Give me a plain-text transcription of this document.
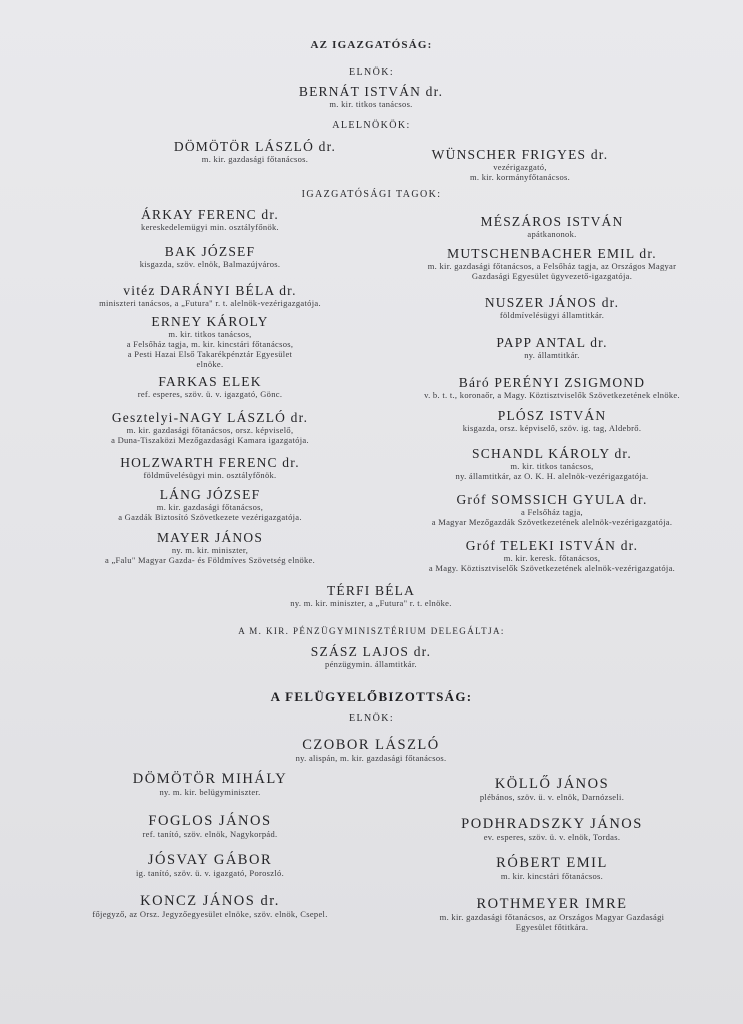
AZ IGAZGATÓSÁG:
ELNÖK:
BERNÁT ISTVÁN dr.
m. kir. titkos tanácsos.
ALELNÖKÖK:
DÖMÖTÖR LÁSZLÓ dr.
m. kir. gazdasági főtanácsos.	WÜNSCHER FRIGYES dr.
vezérigazgató,
m. kir. kormányfőtanácsos.
IGAZGATÓSÁGI TAGOK:
ÁRKAY FERENC dr.
kereskedelemügyi min. osztályfőnök.
BAK JÓZSEF
kisgazda, szöv. elnök, Balmazújváros.
vitéz DARÁNYI BÉLA dr.
miniszteri tanácsos, a „Futura" r. t. alelnök-vezérigazgatója.
ERNEY KÁROLY
m. kir. titkos tanácsos,
a Felsőház tagja, m. kir. kincstári főtanácsos,
a Pesti Hazai Első Takarékpénztár Egyesület
elnöke.
FARKAS ELEK
ref. esperes, szöv. ü. v. igazgató, Gönc.
Gesztelyi-NAGY LÁSZLÓ dr.
m. kir. gazdasági főtanácsos, orsz. képviselő,
a Duna-Tiszaközi Mezőgazdasági Kamara igazgatója.
HOLZWARTH FERENC dr.
földművelésügyi min. osztályfőnök.
LÁNG JÓZSEF
m. kir. gazdasági főtanácsos,
a Gazdák Biztosító Szövetkezete vezérigazgatója.
MAYER JÁNOS
ny. m. kir. miniszter,
a „Falu" Magyar Gazda- és Földmíves Szövetség elnöke.
MÉSZÁROS ISTVÁN
apátkanonok.
MUTSCHENBACHER EMIL dr.
m. kir. gazdasági főtanácsos, a Felsőház tagja, az Országos Magyar
Gazdasági Egyesület ügyvezető-igazgatója.
NUSZER JÁNOS dr.
földmívelésügyi államtitkár.
PAPP ANTAL dr.
ny. államtitkár.
Báró PERÉNYI ZSIGMOND
v. b. t. t., koronaőr, a Magy. Köztisztviselők Szövetkezetének elnöke.
PLÓSZ ISTVÁN
kisgazda, orsz. képviselő, szöv. ig. tag, Aldebrő.
SCHANDL KÁROLY dr.
m. kir. titkos tanácsos,
ny. államtitkár, az O. K. H. alelnök-vezérigazgatója.
Gróf SOMSSICH GYULA dr.
a Felsőház tagja,
a Magyar Mezőgazdák Szövetkezetének alelnök-vezérigazgatója.
Gróf TELEKI ISTVÁN dr.
m. kir. keresk. főtanácsos,
a Magy. Köztisztviselők Szövetkezetének alelnök-vezérigazgatója.
TÉRFI BÉLA
ny. m. kir. miniszter, a „Futura" r. t. elnöke.
A M. KIR. PÉNZÜGYMINISZTÉRIUM DELEGÁLTJA:
SZÁSZ LAJOS dr.
pénzügymin. államtitkár.
A FELÜGYELŐBIZOTTSÁG:
ELNÖK:
CZOBOR LÁSZLÓ
ny. alispán, m. kir. gazdasági főtanácsos.
DÖMÖTÖR MIHÁLY
ny. m. kir. belügyminiszter.
FOGLOS JÁNOS
ref. tanító, szöv. elnök, Nagykorpád.
JÓSVAY GÁBOR
ig. tanító, szöv. ü. v. igazgató, Poroszló.
KONCZ JÁNOS dr.
főjegyző, az Orsz. Jegyzőegyesület elnöke, szöv. elnök, Csepel.
KÖLLŐ JÁNOS
plébános, szöv. ü. v. elnök, Darnózseli.
PODHRADSZKY JÁNOS
ev. esperes, szöv. ü. v. elnök, Tordas.
RÓBERT EMIL
m. kir. kincstári főtanácsos.
ROTHMEYER IMRE
m. kir. gazdasági főtanácsos, az Országos Magyar Gazdasági
Egyesület főtitkára.
